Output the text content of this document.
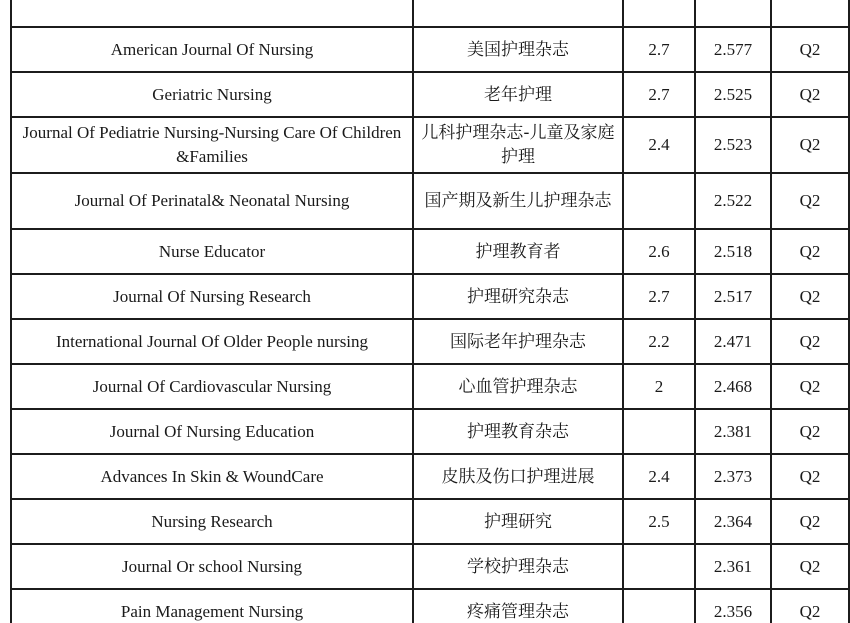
American Journal Of Nursing	美国护理杂志	2.7	2.577	Q2
Geriatric Nursing	老年护理	2.7	2.525	Q2
Journal Of Pediatrie Nursing-Nursing Care Of Children &Families	儿科护理杂志-儿童及家庭护理	2.4	2.523	Q2
Journal Of Perinatal& Neonatal Nursing	国产期及新生儿护理杂志		2.522	Q2
Nurse Educator	护理教育者	2.6	2.518	Q2
Journal Of Nursing Research	护理研究杂志	2.7	2.517	Q2
International Journal Of Older People nursing	国际老年护理杂志	2.2	2.471	Q2
Journal Of Cardiovascular Nursing	心血管护理杂志	2	2.468	Q2
Journal Of Nursing Education	护理教育杂志		2.381	Q2
Advances In Skin & WoundCare	皮肤及伤口护理进展	2.4	2.373	Q2
Nursing Research	护理研究	2.5	2.364	Q2
Journal Or school Nursing	学校护理杂志		2.361	Q2
Pain Management Nursing	疼痛管理杂志		2.356	Q2
